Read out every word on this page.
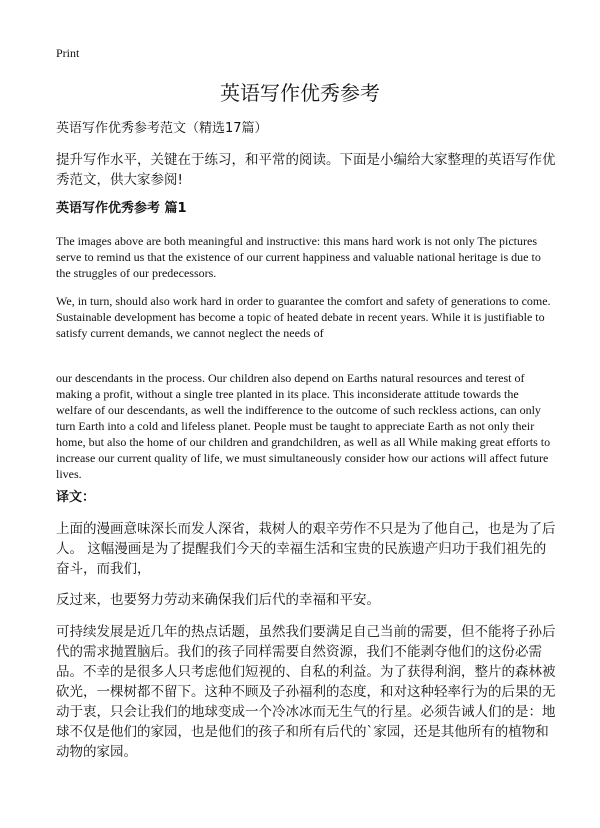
Print
英语写作优秀参考

英语写作优秀参考范文（精选17篇）

提升写作水平，关键在于练习，和平常的阅读。下面是小编给大家整理的英语写作优秀范文，供大家参阅!

英语写作优秀参考 篇1

The images above are both meaningful and instructive: this mans hard work is not only The pictures serve to remind us that the existence of our current happiness and valuable national heritage is due to the struggles of our predecessors.

We, in turn, should also work hard in order to guarantee the comfort and safety of generations to come. Sustainable development has become a topic of heated debate in recent years. While it is justifiable to satisfy current demands, we cannot neglect the needs of

our descendants in the process. Our children also depend on Earths natural resources and terest of making a profit, without a single tree planted in its place. This inconsiderate attitude towards the welfare of our descendants, as well the indifference to the outcome of such reckless actions, can only turn Earth into a cold and lifeless planet. People must be taught to appreciate Earth as not only their home, but also the home of our children and grandchildren, as well as all While making great efforts to increase our current quality of life, we must simultaneously consider how our actions will affect future lives.

译文：

上面的漫画意味深长而发人深省，栽树人的艰辛劳作不只是为了他自己，也是为了后人。 这幅漫画是为了提醒我们今天的幸福生活和宝贵的民族遗产归功于我们祖先的奋斗，而我们，

反过来，也要努力劳动来确保我们后代的幸福和平安。

可持续发展是近几年的热点话题，虽然我们要满足自己当前的需要，但不能将子孙后代的需求抛置脑后。我们的孩子同样需要自然资源，我们不能剥夺他们的这份必需品。不幸的是很多人只考虑他们短视的、自私的利益。为了获得利润，整片的森林被砍光，一棵树都不留下。这种不顾及子孙福利的态度，和对这种轻率行为的后果的无动于衷，只会让我们的地球变成一个冷冰冰而无生气的行星。必须告诫人们的是：地球不仅是他们的家园，也是他们的孩子和所有后代的`家园，还是其他所有的植物和动物的家园。
